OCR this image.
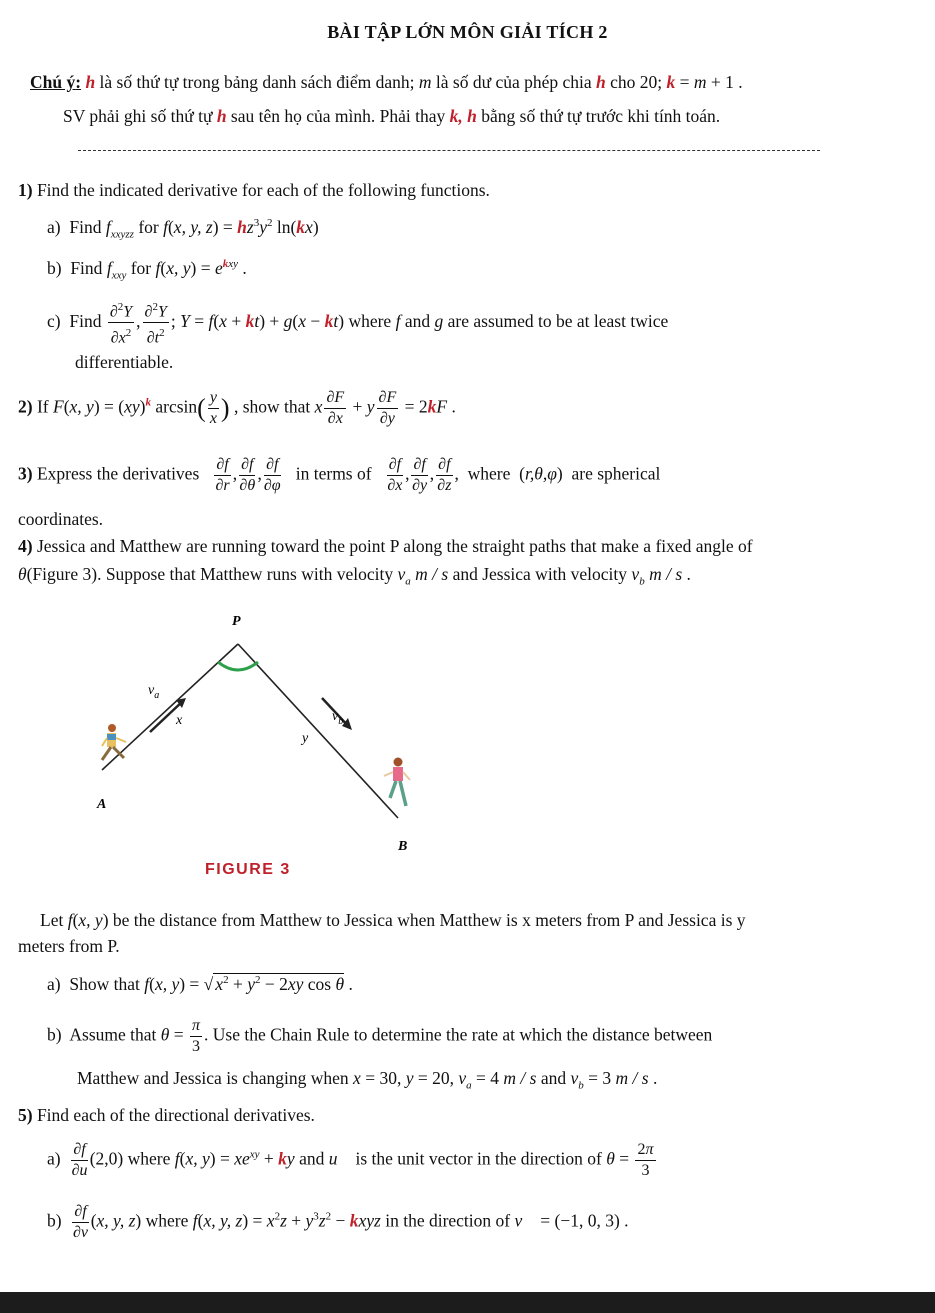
BÀI TẬP LỚN MÔN GIẢI TÍCH 2
Chú ý: h là số thứ tự trong bảng danh sách điểm danh; m là số dư của phép chia h cho 20; k = m + 1 .
SV phải ghi số thứ tự h sau tên họ của mình. Phải thay k, h bằng số thứ tự trước khi tính toán.
1) Find the indicated derivative for each of the following functions.
a) Find $f_{xxyzz}$ for f(x, y, $z) = hz^3y^2$ ln(kx)
b) Find $f_{xxy}$ for f(x, $y) = e^{kxy}$ .
c) Find $\frac{\partial^2Y}{\partial x^2}$ , $\frac{\partial^2Y}{\partial t^2}$ ; Y = f(x + kt) + g(x − kt) where f and g are assumed to be at least twice
differentiable.
2) If F(x, y) = (xy)$^k$ $\arcsin( \frac{y}{x}$ ) , show that x $\frac{\partial F}{\partial x} + y \frac{\partial F}{\partial y} = 2kF$ .
3) Express the derivatives $\frac{\partial f}{\partial r}$ , $\frac{\partial f}{\partial\theta}$ , $\frac{\partial f}{\partial\varphi}$ in terms of $\frac{\partial f}{\partial x}$ , $\frac{\partial f}{\partial y}$ , $\frac{\partial f}{\partial z}$ ,  where  (r,θ,φ)  are spherical
coordinates.
4) Jessica and Matthew are running toward the point P along the straight paths that make a fixed angle of
θ(Figure 3). Suppose that Matthew runs with velocity $v_a$ m / s and Jessica with velocity $v_b$ m / s .
P
A
B
$v_a$
x	$v_b$
y
FIGURE 3
Let f(x, y) be the distance from Matthew to Jessica when Matthew is x meters from P and Jessica is y
meters from P.
a) Show that f(x, y) = √ $x^2 + y^2 - 2xy$ cos θ .
b) Assume that $\theta = \frac{\pi}{3}$ . Use the Chain Rule to determine the rate at which the distance between
Matthew and Jessica is changing when x = 30, y = 20, $v_a = 4$ m / s and $v_b = 3$ m / s .
5) Find each of the directional derivatives.
$a) \frac{\partial f}{\partial u} (2,0)$ where f(x, $y) = xe^{xy}$ + ky and u⃗ is the unit vector in the direction of $\theta = \frac{2\pi}{3}$
$b) \frac{\partial f}{\partial v} (x$, y, z) where f(x, y, $z) = x^2z + y^3z^2$ − kxyz in the direction of v⃗ = (−1, 0, 3) .
